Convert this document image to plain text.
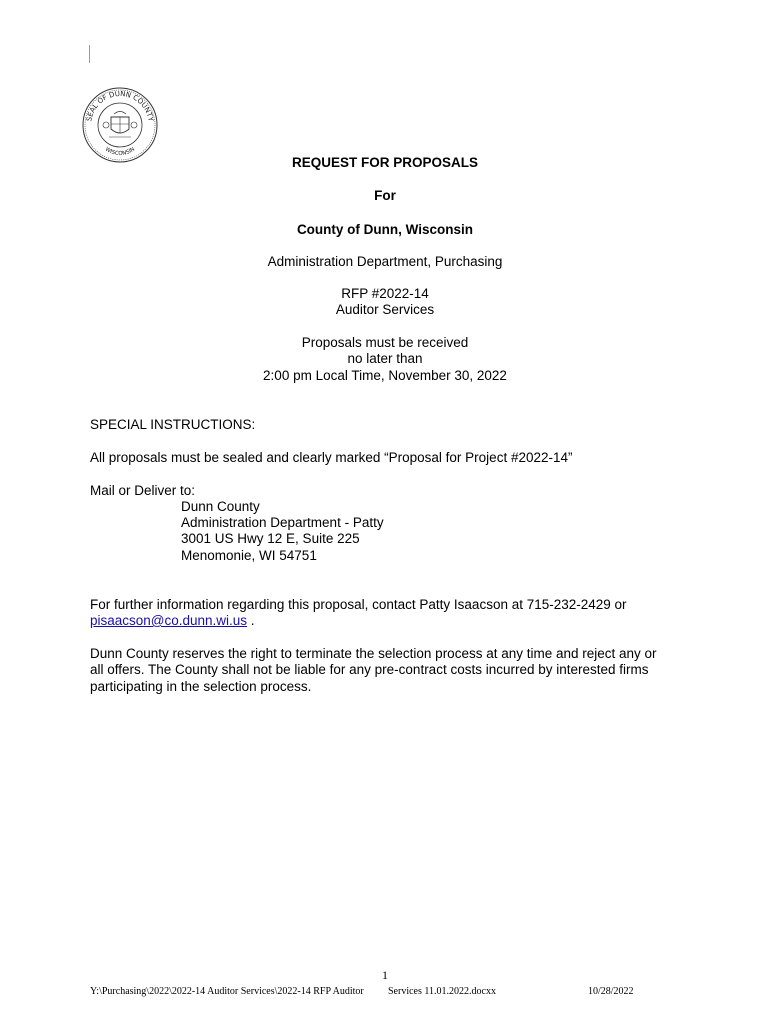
SEAL OF DUNN COUNTY
WISCONSIN
REQUEST FOR PROPOSALS
For
County of Dunn, Wisconsin
Administration Department, Purchasing
RFP #2022-14
Auditor Services
Proposals must be received
no later than
2:00 pm Local Time, November 30, 2022
SPECIAL INSTRUCTIONS:
All proposals must be sealed and clearly marked “Proposal for Project #2022-14”
Mail or Deliver to:
Dunn County
Administration Department - Patty
3001 US Hwy 12 E, Suite 225
Menomonie, WI 54751
For further information regarding this proposal, contact Patty Isaacson at 715-232-2429 or
pisaacson@co.dunn.wi.us .
Dunn County reserves the right to terminate the selection process at any time and reject any or
all offers. The County shall not be liable for any pre-contract costs incurred by interested firms
participating in the selection process.
1
Y:\Purchasing\2022\2022-14 Auditor Services\2022-14 RFP Auditor Services 11.01.2022.docxx	10/28/2022
